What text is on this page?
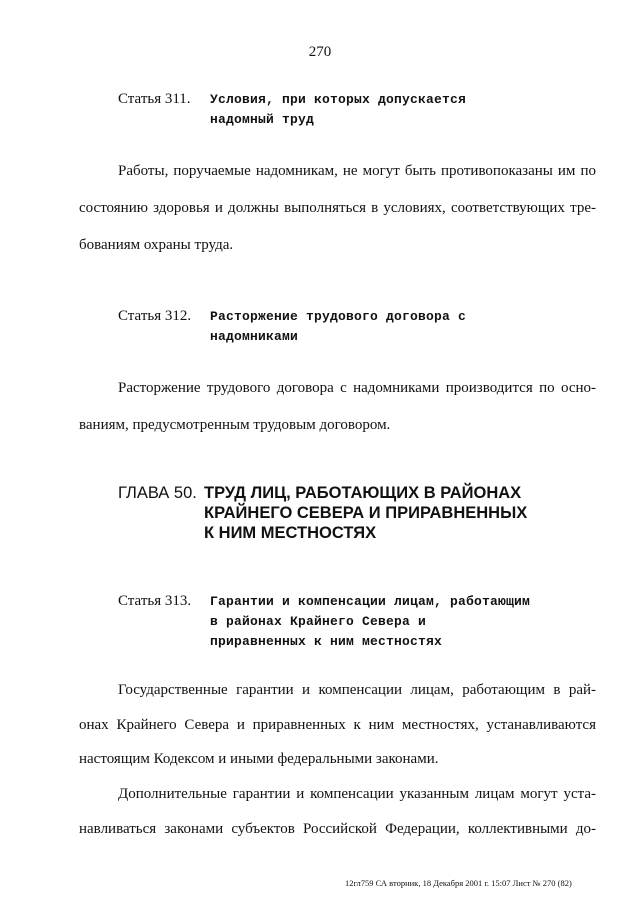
270
Статья 311. Условия, при которых допускается
надомный труд
Работы, поручаемые надомникам, не могут быть противопоказаны им по
состоянию здоровья и должны выполняться в условиях, соответствующих тре-
бованиям охраны труда.
Статья 312. Расторжение трудового договора с
надомниками
Расторжение трудового договора с надомниками производится по осно-
ваниям, предусмотренным трудовым договором.
ГЛАВА 50. ТРУД ЛИЦ, РАБОТАЮЩИХ В РАЙОНАХ
КРАЙНЕГО СЕВЕРА И ПРИРАВНЕННЫХ
К НИМ МЕСТНОСТЯХ
Статья 313. Гарантии и компенсации лицам, работающим
в районах Крайнего Севера и
приравненных к ним местностях
Государственные гарантии и компенсации лицам, работающим в рай-
онах Крайнего Севера и приравненных к ним местностях, устанавливаются
настоящим Кодексом и иными федеральными законами.
Дополнительные гарантии и компенсации указанным лицам могут уста-
навливаться законами субъектов Российской Федерации, коллективными до-
12гл759 СА вторник, 18 Декабря 2001 г. 15:07 Лист № 270 (82)
